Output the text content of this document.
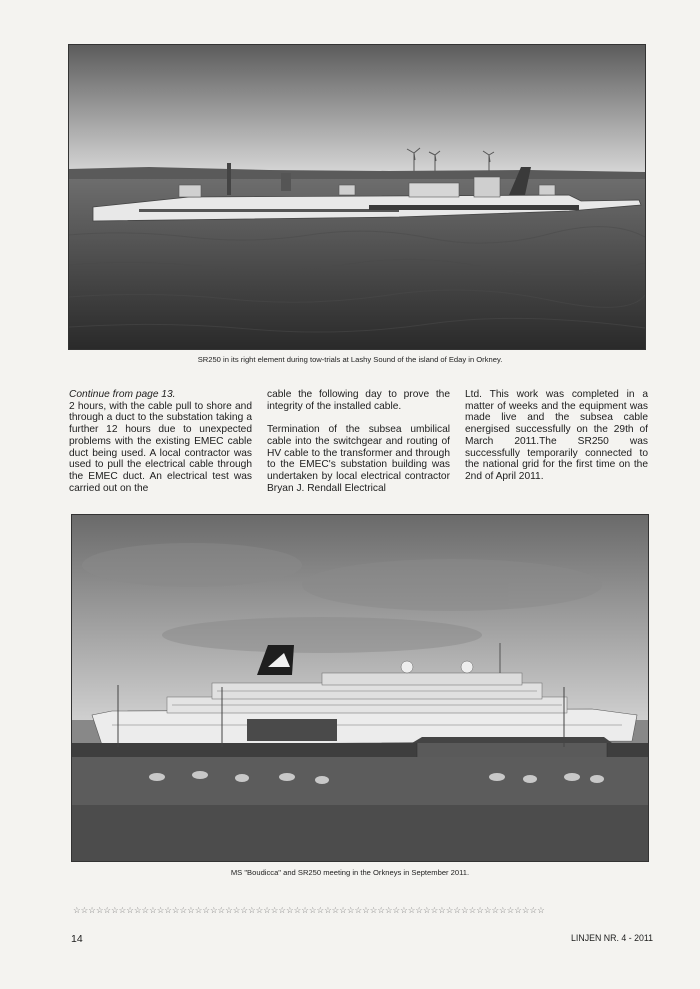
SR250 in its right element during tow-trials at Lashy Sound of the island of Eday in Orkney.
Continue from page 13.

2 hours, with the cable pull to shore and through a duct to the substation taking a further 12 hours due to unexpected problems with the existing EMEC cable duct being used. A local contractor was used to pull the electrical cable through the EMEC duct. An electrical test was carried out on the

cable the following day to prove the integrity of the installed cable.

Termination of the subsea umbilical cable into the switchgear and routing of HV cable to the transformer and through to the EMEC's substation building was undertaken by local electrical contractor Bryan J. Rendall Electrical

Ltd. This work was completed in a matter of weeks and the equipment was made live and the subsea cable energised successfully on the 29th of March 2011.The SR250 was successfully temporarily connected to the national grid for the first time on the 2nd of April 2011.

MS "Boudicca" and SR250 meeting in the Orkneys in September 2011.
☆☆☆☆☆☆☆☆☆☆☆☆☆☆☆☆☆☆☆☆☆☆☆☆☆☆☆☆☆☆☆☆☆☆☆☆☆☆☆☆☆☆☆☆☆☆☆☆☆☆☆☆☆☆☆☆☆☆☆☆☆☆
14	LINJEN NR. 4 - 2011
